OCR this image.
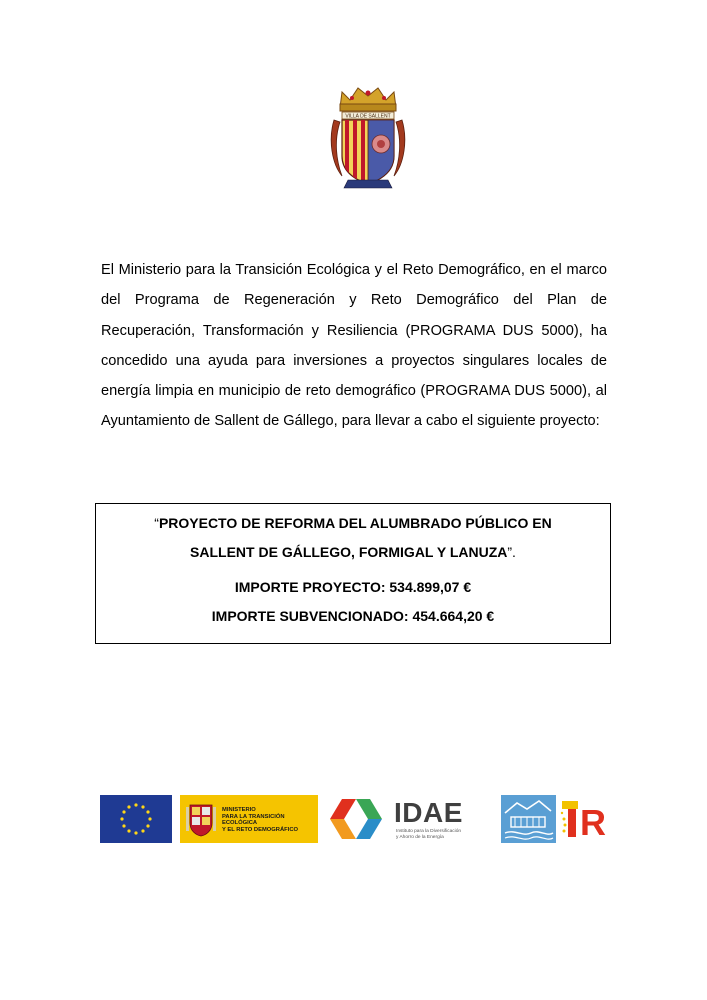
VILLA DE SALLENT

El Ministerio para la Transición Ecológica y el Reto Demográfico, en el marco del Programa de Regeneración y Reto Demográfico del Plan de Recuperación, Transformación y Resiliencia (PROGRAMA DUS 5000), ha concedido una ayuda para inversiones a proyectos singulares locales de energía limpia en municipio de reto demográfico (PROGRAMA DUS 5000), al Ayuntamiento de Sallent de Gállego, para llevar a cabo el siguiente proyecto:

“PROYECTO DE REFORMA DEL ALUMBRADO PÚBLICO EN
SALLENT DE GÁLLEGO, FORMIGAL Y LANUZA”.

IMPORTE PROYECTO: 534.899,07 €

IMPORTE SUBVENCIONADO: 454.664,20 €

MINISTERIO
PARA LA TRANSICIÓN ECOLÓGICA
Y EL RETO DEMOGRÁFICO
IDAE
Instituto para la Diversificación
y Ahorro de la Energía	R
